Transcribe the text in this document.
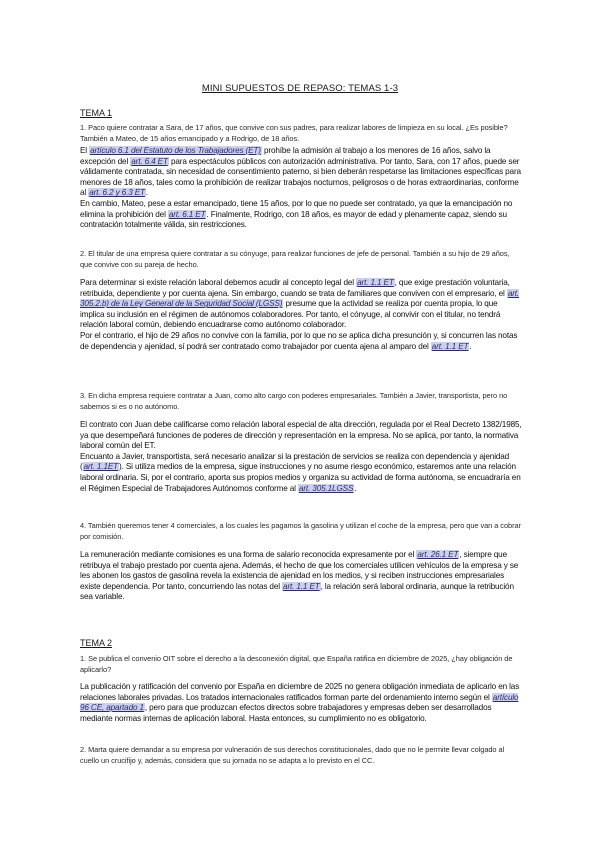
MINI SUPUESTOS DE REPASO: TEMAS 1-3
TEMA 1

1. Paco quiere contratar a Sara, de 17 años, que convive con sus padres, para realizar labores de limpieza en su local. ¿Es posible? También a Mateo, de 15 años emancipado y a Rodrigo, de 18 años.

El artículo 6.1 del Estatuto de los Trabajadores (ET) prohíbe la admisión al trabajo a los menores de 16 años, salvo la excepción del art. 6.4 ET para espectáculos públicos con autorización administrativa. Por tanto, Sara, con 17 años, puede ser válidamente contratada, sin necesidad de consentimiento paterno, si bien deberán respetarse las limitaciones específicas para menores de 18 años, tales como la prohibición de realizar trabajos nocturnos, peligrosos o de horas extraordinarias, conforme al art. 6.2 y 6.3 ET.

En cambio, Mateo, pese a estar emancipado, tiene 15 años, por lo que no puede ser contratado, ya que la emancipación no elimina la prohibición del art. 6.1 ET. Finalmente, Rodrigo, con 18 años, es mayor de edad y plenamente capaz, siendo su contratación totalmente válida, sin restricciones.

2. El titular de una empresa quiere contratar a su cónyuge, para realizar funciones de jefe de personal. También a su hijo de 29 años, que convive con su pareja de hecho.

Para determinar si existe relación laboral debemos acudir al concepto legal del art. 1.1 ET, que exige prestación voluntaria, retribuida, dependiente y por cuenta ajena. Sin embargo, cuando se trata de familiares que conviven con el empresario, el art. 305.2.b) de la Ley General de la Seguridad Social (LGSS) presume que la actividad se realiza por cuenta propia, lo que implica su inclusión en el régimen de autónomos colaboradores. Por tanto, el cónyuge, al convivir con el titular, no tendrá relación laboral común, debiendo encuadrarse como autónomo colaborador.

Por el contrario, el hijo de 29 años no convive con la familia, por lo que no se aplica dicha presunción y, si concurren las notas de dependencia y ajenidad, sí podrá ser contratado como trabajador por cuenta ajena al amparo del art. 1.1 ET.

3. En dicha empresa requiere contratar a Juan, como alto cargo con poderes empresariales. También a Javier, transportista, pero no sabemos si es o no autónomo.

El contrato con Juan debe calificarse como relación laboral especial de alta dirección, regulada por el Real Decreto 1382/1985, ya que desempeñará funciones de poderes de dirección y representación en la empresa. No se aplica, por tanto, la normativa laboral común del ET.

Encuanto a Javier, transportista, será necesario analizar si la prestación de servicios se realiza con dependencia y ajenidad (art. 1.1ET). Si utiliza medios de la empresa, sigue instrucciones y no asume riesgo económico, estaremos ante una relación laboral ordinaria. Si, por el contrario, aporta sus propios medios y organiza su actividad de forma autónoma, se encuadraría en el Régimen Especial de Trabajadores Autónomos conforme al art. 305.1LGSS.

4. También queremos tener 4 comerciales, a los cuales les pagamos la gasolina y utilizan el coche de la empresa, pero que van a cobrar por comisión.

La remuneración mediante comisiones es una forma de salario reconocida expresamente por el art. 26.1 ET, siempre que retribuya el trabajo prestado por cuenta ajena. Además, el hecho de que los comerciales utilicen vehículos de la empresa y se les abonen los gastos de gasolina revela la existencia de ajenidad en los medios, y si reciben instrucciones empresariales existe dependencia. Por tanto, concurriendo las notas del art. 1.1 ET, la relación será laboral ordinaria, aunque la retribución sea variable.

TEMA 2

1. Se publica el convenio OIT sobre el derecho a la desconexión digital, que España ratifica en diciembre de 2025, ¿hay obligación de aplicarlo?

La publicación y ratificación del convenio por España en diciembre de 2025 no genera obligación inmediata de aplicarlo en las relaciones laborales privadas. Los tratados internacionales ratificados forman parte del ordenamiento interno según el artículo 96 CE, apartado 1, pero para que produzcan efectos directos sobre trabajadores y empresas deben ser desarrollados mediante normas internas de aplicación laboral. Hasta entonces, su cumplimiento no es obligatorio.

2. Marta quiere demandar a su empresa por vulneración de sus derechos constitucionales, dado que no le permite llevar colgado al cuello un crucifijo y, además, considera que su jornada no se adapta a lo previsto en el CC.
